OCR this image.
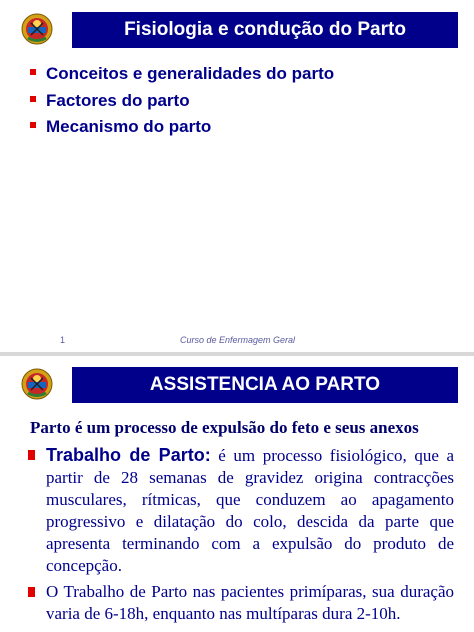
Fisiologia e condução do Parto
Conceitos e generalidades do parto
Factores do parto
Mecanismo do parto
1	Curso de Enfermagem Geral
ASSISTENCIA AO PARTO

Parto é um processo de expulsão do feto e seus anexos

Trabalho de Parto: é um processo fisiológico, que a partir de 28 semanas de gravidez origina contracções musculares, rítmicas, que conduzem ao apagamento progressivo e dilatação do colo, descida da parte que apresenta terminando com a expulsão do produto de concepção.
O Trabalho de Parto nas pacientes primíparas, sua duração varia de 6-18h, enquanto nas multíparas dura 2-10h.
